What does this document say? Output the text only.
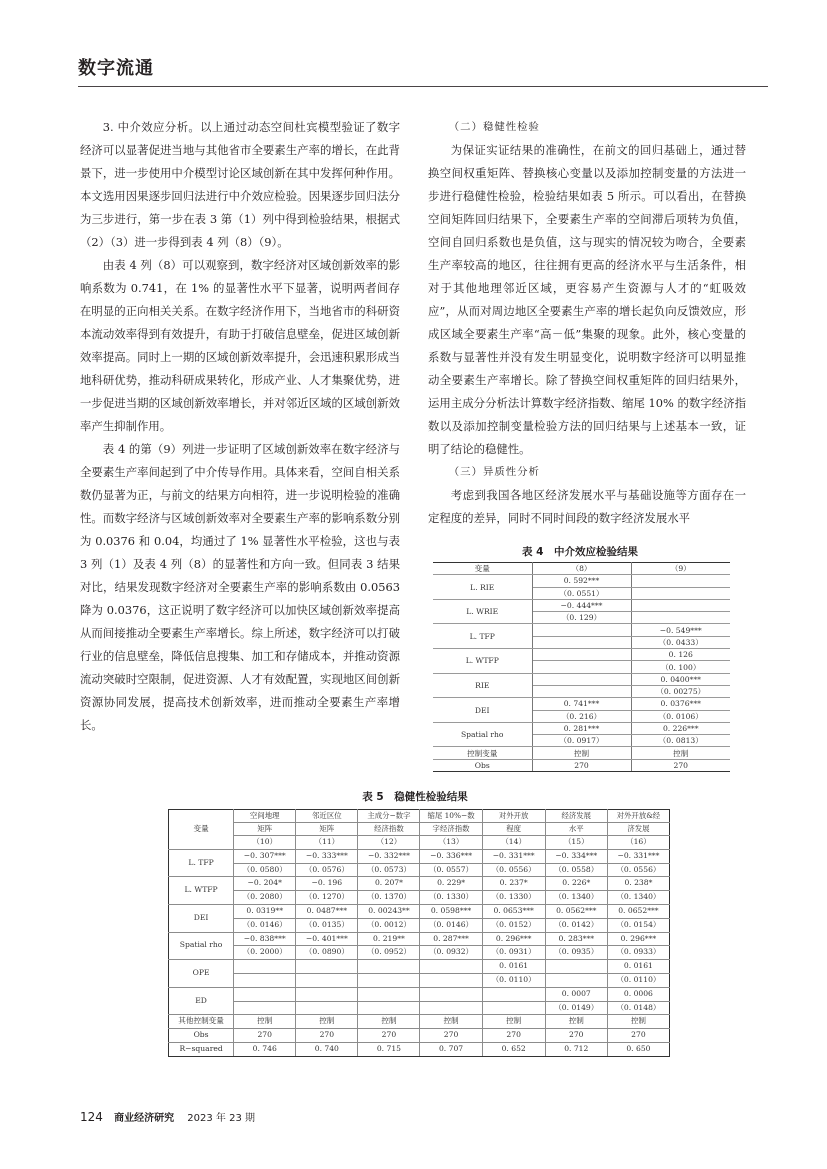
数字流通

3. 中介效应分析。以上通过动态空间杜宾模型验证了数字经济可以显著促进当地与其他省市全要素生产率的增长，在此背景下，进一步使用中介模型讨论区域创新在其中发挥何种作用。本文选用因果逐步回归法进行中介效应检验。因果逐步回归法分为三步进行，第一步在表 3 第（1）列中得到检验结果，根据式（2）（3）进一步得到表 4 列（8）（9）。

由表 4 列（8）可以观察到，数字经济对区域创新效率的影响系数为 0.741，在 1% 的显著性水平下显著，说明两者间存在明显的正向相关关系。在数字经济作用下，当地省市的科研资本流动效率得到有效提升，有助于打破信息壁垒，促进区域创新效率提高。同时上一期的区域创新效率提升，会迅速积累形成当地科研优势，推动科研成果转化，形成产业、人才集聚优势，进一步促进当期的区域创新效率增长，并对邻近区域的区域创新效率产生抑制作用。

表 4 的第（9）列进一步证明了区域创新效率在数字经济与全要素生产率间起到了中介传导作用。具体来看，空间自相关系数仍显著为正，与前文的结果方向相符，进一步说明检验的准确性。而数字经济与区域创新效率对全要素生产率的影响系数分别为 0.0376 和 0.04，均通过了 1% 显著性水平检验，这也与表 3 列（1）及表 4 列（8）的显著性和方向一致。但同表 3 结果对比，结果发现数字经济对全要素生产率的影响系数由 0.0563 降为 0.0376，这正说明了数字经济可以加快区域创新效率提高从而间接推动全要素生产率增长。综上所述，数字经济可以打破行业的信息壁垒，降低信息搜集、加工和存储成本，并推动资源流动突破时空限制，促进资源、人才有效配置，实现地区间创新资源协同发展，提高技术创新效率，进而推动全要素生产率增长。

（二）稳健性检验

为保证实证结果的准确性，在前文的回归基础上，通过替换空间权重矩阵、替换核心变量以及添加控制变量的方法进一步进行稳健性检验，检验结果如表 5 所示。可以看出，在替换空间矩阵回归结果下，全要素生产率的空间滞后项转为负值，空间自回归系数也是负值，这与现实的情况较为吻合，全要素生产率较高的地区，往往拥有更高的经济水平与生活条件，相对于其他地理邻近区域，更容易产生资源与人才的“虹吸效应”，从而对周边地区全要素生产率的增长起负向反馈效应，形成区域全要素生产率“高－低”集聚的现象。此外，核心变量的系数与显著性并没有发生明显变化，说明数字经济可以明显推动全要素生产率增长。除了替换空间权重矩阵的回归结果外，运用主成分分析法计算数字经济指数、缩尾 10% 的数字经济指数以及添加控制变量检验方法的回归结果与上述基本一致，证明了结论的稳健性。

（三）异质性分析

考虑到我国各地区经济发展水平与基础设施等方面存在一定程度的差异，同时不同时间段的数字经济发展水平

表 4　中介效应检验结果
变量	（8）	（9）
L. RIE	0. 592***	
	（0. 0551）	
L. WRIE	−0. 444***	
	（0. 129）	
L. TFP		−0. 549***
		（0. 0433）
L. WTFP		0. 126
		（0. 100）
RIE		0. 0400***
		（0. 00275）
DEI	0. 741***	0. 0376***
	（0. 216）	（0. 0106）
Spatial rho	0. 281***	0. 226***
	（0. 0917）	（0. 0813）
控制变量	控制	控制
Obs	270	270
表 5　稳健性检验结果
变量	空间地理	邻近区位	主成分−数字	缩尾 10%−数	对外开放	经济发展	对外开放&经
	矩阵	矩阵	经济指数	字经济指数	程度	水平	济发展
	（10）	（11）	（12）	（13）	（14）	（15）	（16）
L. TFP	−0. 307***	−0. 333***	−0. 332***	−0. 336***	−0. 331***	−0. 334***	−0. 331***
	（0. 0580）	（0. 0576）	（0. 0573）	（0. 0557）	（0. 0556）	（0. 0558）	（0. 0556）
L. WTFP	−0. 204*	−0. 196	0. 207*	0. 229*	0. 237*	0. 226*	0. 238*
	（0. 2080）	（0. 1270）	（0. 1370）	（0. 1330）	（0. 1330）	（0. 1340）	（0. 1340）
DEI	0. 0319**	0. 0487***	0. 00243**	0. 0598***	0. 0653***	0. 0562***	0. 0652***
	（0. 0146）	（0. 0135）	（0. 0012）	（0. 0146）	（0. 0152）	（0. 0142）	（0. 0154）
Spatial rho	−0. 838***	−0. 401***	0. 219**	0. 287***	0. 296***	0. 283***	0. 296***
	（0. 2000）	（0. 0890）	（0. 0952）	（0. 0932）	（0. 0931）	（0. 0935）	（0. 0933）
OPE					0. 0161		0. 0161
					（0. 0110）		（0. 0110）
ED						0. 0007	0. 0006
						（0. 0149）	（0. 0148）
其他控制变量	控制	控制	控制	控制	控制	控制	控制
Obs	270	270	270	270	270	270	270
R−squared	0. 746	0. 740	0. 715	0. 707	0. 652	0. 712	0. 650
124 商业经济研究 2023 年 23 期
